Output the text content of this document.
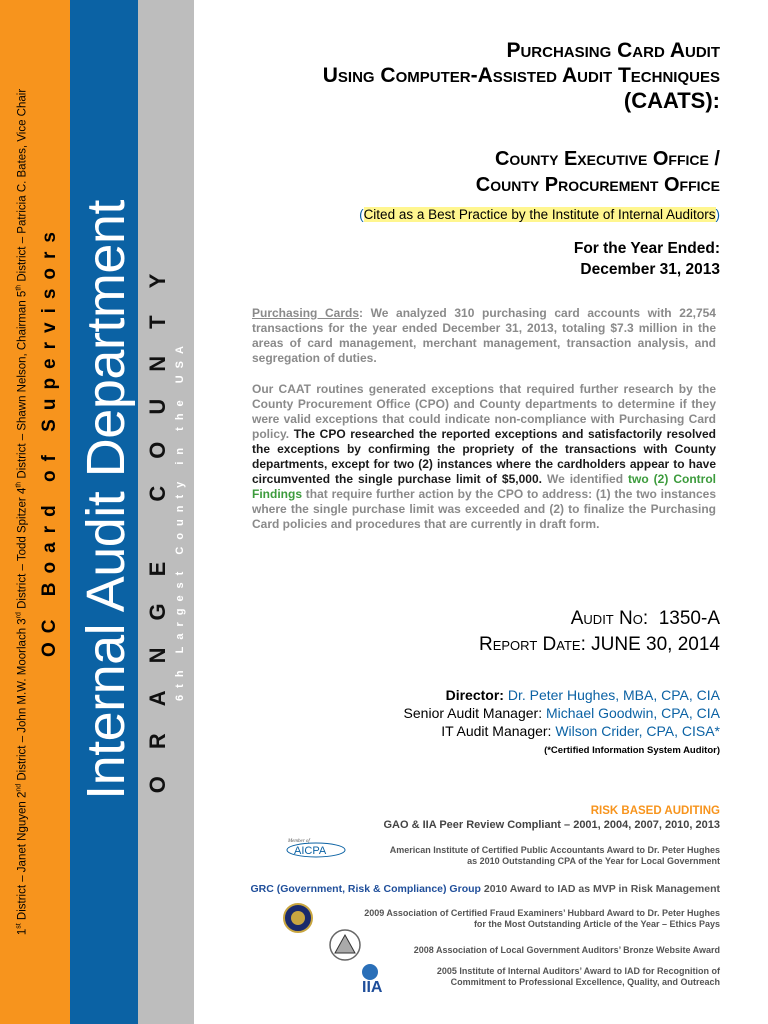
1st District – Janet Nguyen 2nd District – John M.W. Moorlach 3rd District – Todd Spitzer 4th District – Shawn Nelson, Chairman 5th District – Patricia C. Bates, Vice Chair
OC Board of Supervisors Internal Audit Department ORANGE COUNTY 6th Largest County in the USA
Purchasing Card Audit
Using Computer-Assisted Audit Techniques
(CAATS):
County Executive Office /
County Procurement Office
(Cited as a Best Practice by the Institute of Internal Auditors)
For the Year Ended:
December 31, 2013
Purchasing Cards: We analyzed 310 purchasing card accounts with 22,754 transactions for the year ended December 31, 2013, totaling $7.3 million in the areas of card management, merchant management, transaction analysis, and segregation of duties.
Our CAAT routines generated exceptions that required further research by the County Procurement Office (CPO) and County departments to determine if they were valid exceptions that could indicate non-compliance with Purchasing Card policy. The CPO researched the reported exceptions and satisfactorily resolved the exceptions by confirming the propriety of the transactions with County departments, except for two (2) instances where the cardholders appear to have circumvented the single purchase limit of $5,000. We identified two (2) Control Findings that require further action by the CPO to address: (1) the two instances where the single purchase limit was exceeded and (2) to finalize the Purchasing Card policies and procedures that are currently in draft form.
Audit No: 1350-A
Report Date: JUNE 30, 2014
Director: Dr. Peter Hughes, MBA, CPA, CIA
Senior Audit Manager: Michael Goodwin, CPA, CIA
IT Audit Manager: Wilson Crider, CPA, CISA*
(*Certified Information System Auditor)
RISK BASED AUDITING
GAO & IIA Peer Review Compliant – 2001, 2004, 2007, 2010, 2013
Member of
AICPA	American Institute of Certified Public Accountants Award to Dr. Peter Hughes
as 2010 Outstanding CPA of the Year for Local Government
GRC (Government, Risk & Compliance) Group 2010 Award to IAD as MVP in Risk Management
2009 Association of Certified Fraud Examiners’ Hubbard Award to Dr. Peter Hughes
for the Most Outstanding Article of the Year – Ethics Pays
2008 Association of Local Government Auditors’ Bronze Website Award
IIA
2005 Institute of Internal Auditors’ Award to IAD for Recognition of
Commitment to Professional Excellence, Quality, and Outreach
